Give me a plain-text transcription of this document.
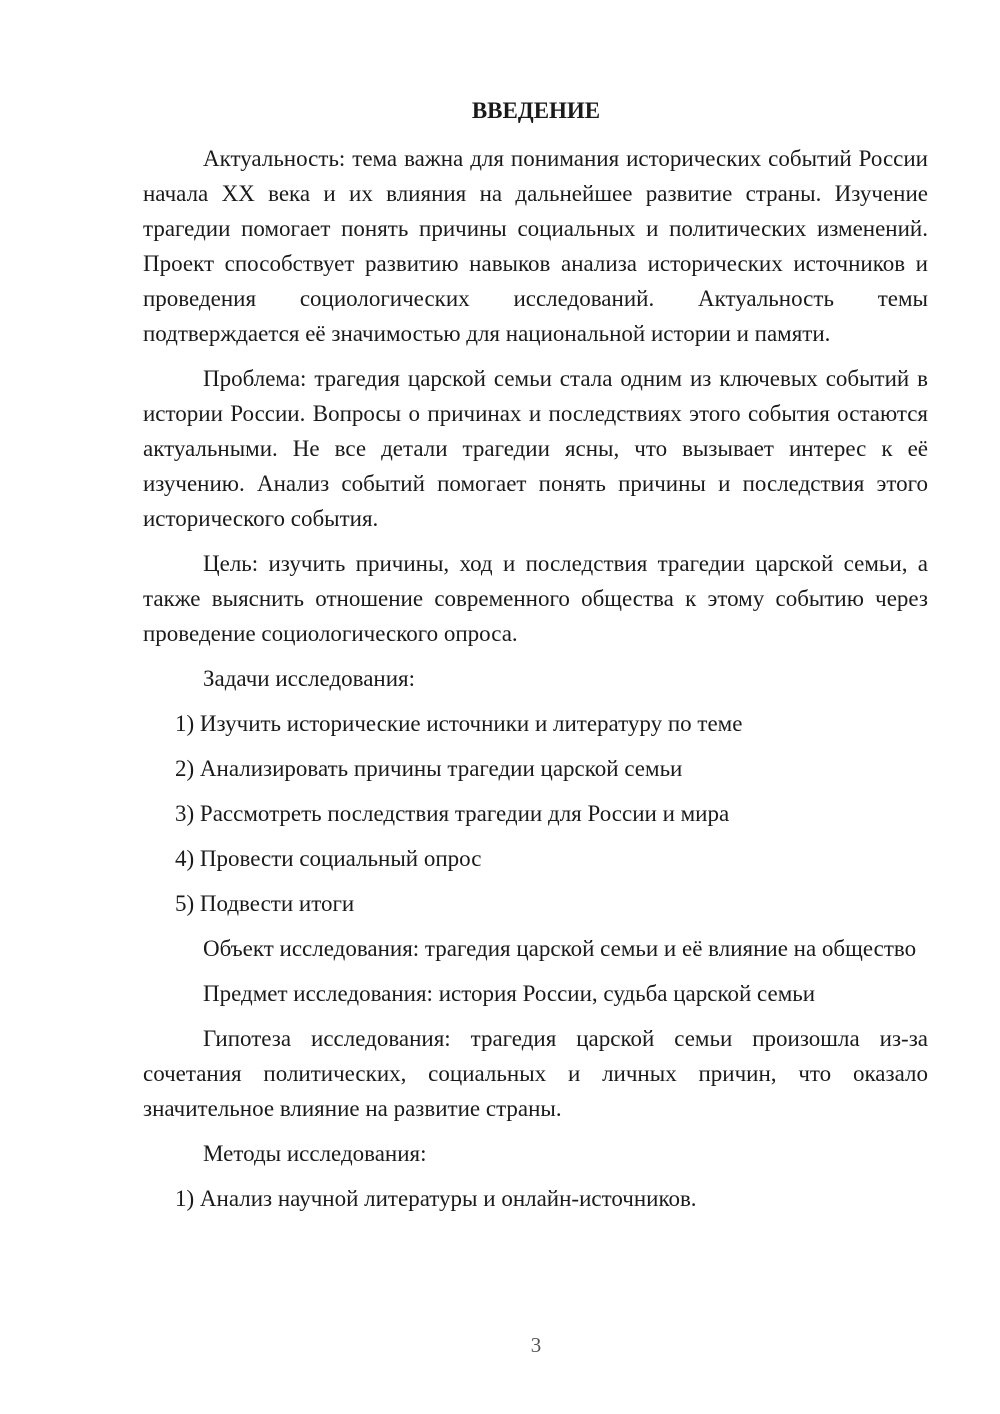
ВВЕДЕНИЕ

Актуальность: тема важна для понимания исторических событий России начала XX века и их влияния на дальнейшее развитие страны. Изучение трагедии помогает понять причины социальных и политических изменений. Проект способствует развитию навыков анализа исторических источников и проведения социологических исследований. Актуальность темы подтверждается её значимостью для национальной истории и памяти.

Проблема: трагедия царской семьи стала одним из ключевых событий в истории России. Вопросы о причинах и последствиях этого события остаются актуальными. Не все детали трагедии ясны, что вызывает интерес к её изучению. Анализ событий помогает понять причины и последствия этого исторического события.

Цель: изучить причины, ход и последствия трагедии царской семьи, а также выяснить отношение современного общества к этому событию через проведение социологического опроса.

Задачи исследования:

1) Изучить исторические источники и литературу по теме
2) Анализировать причины трагедии царской семьи
3) Рассмотреть последствия трагедии для России и мира
4) Провести социальный опрос
5) Подвести итоги

Объект исследования: трагедия царской семьи и её влияние на общество

Предмет исследования: история России, судьба царской семьи

Гипотеза исследования: трагедия царской семьи произошла из-за сочетания политических, социальных и личных причин, что оказало значительное влияние на развитие страны.

Методы исследования:

1) Анализ научной литературы и онлайн-источников.
3
